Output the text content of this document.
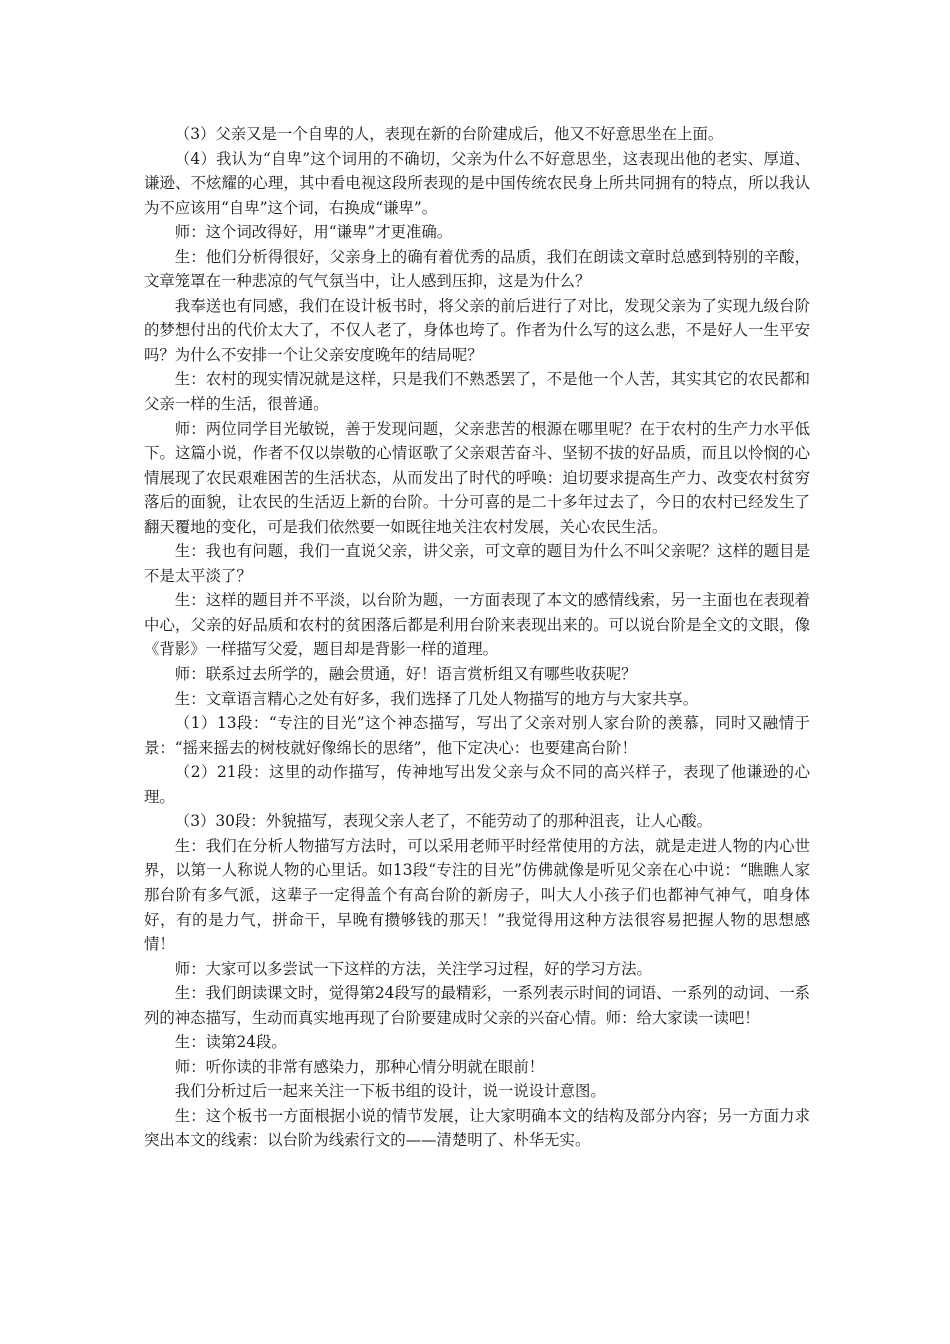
（3）父亲又是一个自卑的人，表现在新的台阶建成后，他又不好意思坐在上面。

（4）我认为“自卑”这个词用的不确切，父亲为什么不好意思坐，这表现出他的老实、厚道、谦逊、不炫耀的心理，其中看电视这段所表现的是中国传统农民身上所共同拥有的特点，所以我认为不应该用“自卑”这个词，右换成“谦卑”。

师：这个词改得好，用“谦卑”才更准确。

生：他们分析得很好，父亲身上的确有着优秀的品质，我们在朗读文章时总感到特别的辛酸，文章笼罩在一种悲凉的气气氛当中，让人感到压抑，这是为什么？

我奉送也有同感，我们在设计板书时，将父亲的前后进行了对比，发现父亲为了实现九级台阶的梦想付出的代价太大了，不仅人老了，身体也垮了。作者为什么写的这么悲，不是好人一生平安吗？为什么不安排一个让父亲安度晚年的结局呢？

生：农村的现实情况就是这样，只是我们不熟悉罢了，不是他一个人苦，其实其它的农民都和父亲一样的生活，很普通。

师：两位同学目光敏锐，善于发现问题，父亲悲苦的根源在哪里呢？在于农村的生产力水平低下。这篇小说，作者不仅以崇敬的心情讴歌了父亲艰苦奋斗、坚韧不拔的好品质，而且以怜悯的心情展现了农民艰难困苦的生活状态，从而发出了时代的呼唤：迫切要求提高生产力、改变农村贫穷落后的面貌，让农民的生活迈上新的台阶。十分可喜的是二十多年过去了，今日的农村已经发生了翻天覆地的变化，可是我们依然要一如既往地关注农村发展，关心农民生活。

生：我也有问题，我们一直说父亲，讲父亲，可文章的题目为什么不叫父亲呢？这样的题目是不是太平淡了？

生：这样的题目并不平淡，以台阶为题，一方面表现了本文的感情线索，另一主面也在表现着中心，父亲的好品质和农村的贫困落后都是利用台阶来表现出来的。可以说台阶是全文的文眼，像《背影》一样描写父爱，题目却是背影一样的道理。

师：联系过去所学的，融会贯通，好！语言赏析组又有哪些收获呢？

生：文章语言精心之处有好多，我们选择了几处人物描写的地方与大家共享。

（1）13段：“专注的目光”这个神态描写，写出了父亲对别人家台阶的羡慕，同时又融情于景：“摇来摇去的树枝就好像绵长的思绪”，他下定决心：也要建高台阶！

（2）21段：这里的动作描写，传神地写出发父亲与众不同的高兴样子，表现了他谦逊的心理。

（3）30段：外貌描写，表现父亲人老了，不能劳动了的那种沮丧，让人心酸。

生：我们在分析人物描写方法时，可以采用老师平时经常使用的方法，就是走进人物的内心世界，以第一人称说人物的心里话。如13段“专注的目光”仿佛就像是听见父亲在心中说：“瞧瞧人家那台阶有多气派，这辈子一定得盖个有高台阶的新房子，叫大人小孩子们也都神气神气，咱身体好，有的是力气，拼命干，早晚有攒够钱的那天！”我觉得用这种方法很容易把握人物的思想感情！

师：大家可以多尝试一下这样的方法，关注学习过程，好的学习方法。

生：我们朗读课文时，觉得第24段写的最精彩，一系列表示时间的词语、一系列的动词、一系列的神态描写，生动而真实地再现了台阶要建成时父亲的兴奋心情。师：给大家读一读吧！

生：读第24段。

师：听你读的非常有感染力，那种心情分明就在眼前！

我们分析过后一起来关注一下板书组的设计，说一说设计意图。

生：这个板书一方面根据小说的情节发展，让大家明确本文的结构及部分内容；另一方面力求突出本文的线索：以台阶为线索行文的——清楚明了、朴华无实。
